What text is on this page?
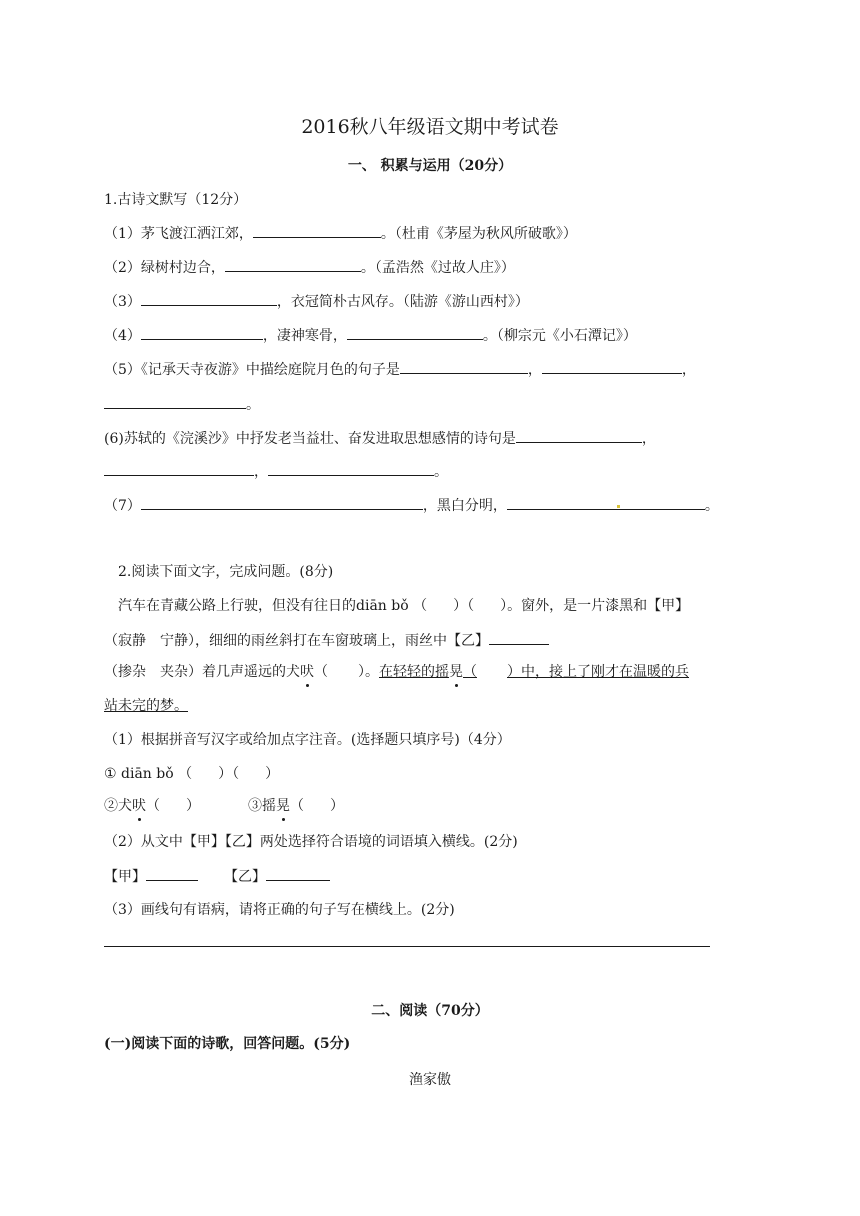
2016秋八年级语文期中考试卷
一、 积累与运用（20分）
1.古诗文默写（12分）
（1）茅飞渡江洒江郊，	。（杜甫《茅屋为秋风所破歌》）
（2）绿树村边合，	。（孟浩然《过故人庄》）
（3）	，衣冠简朴古风存。（陆游《游山西村》）
（4）	，凄神寒骨，	。（柳宗元《小石潭记》）
（5）《记承天寺夜游》中描绘庭院月色的句子是	，	，
。
(6)苏轼的《浣溪沙》中抒发老当益壮、奋发进取思想感情的诗句是	，
，	。
（7）	，黑白分明，	。
2.阅读下面文字，完成问题。(8分)
汽车在青藏公路上行驶，但没有往日的diān bǒ （ ）（ ）。窗外，是一片漆黑和【甲】
（寂静　宁静），细细的雨丝斜打在车窗玻璃上，雨丝中【乙】
（掺杂　夹杂）着几声遥远的犬吠（ ）。在轻轻的摇晃（ ）中，接上了刚才在温暖的兵
站未完的梦。
（1）根据拼音写汉字或给加点字注音。(选择题只填序号)（4分）
① diān bǒ （ ）（ ）
②犬吠（ ）	③摇晃（ ）
（2）从文中【甲】【乙】两处选择符合语境的词语填入横线。(2分)
【甲】	【乙】
（3）画线句有语病，请将正确的句子写在横线上。(2分)
二、阅读（70分）
(一)阅读下面的诗歌，回答问题。(5分)
渔家傲
